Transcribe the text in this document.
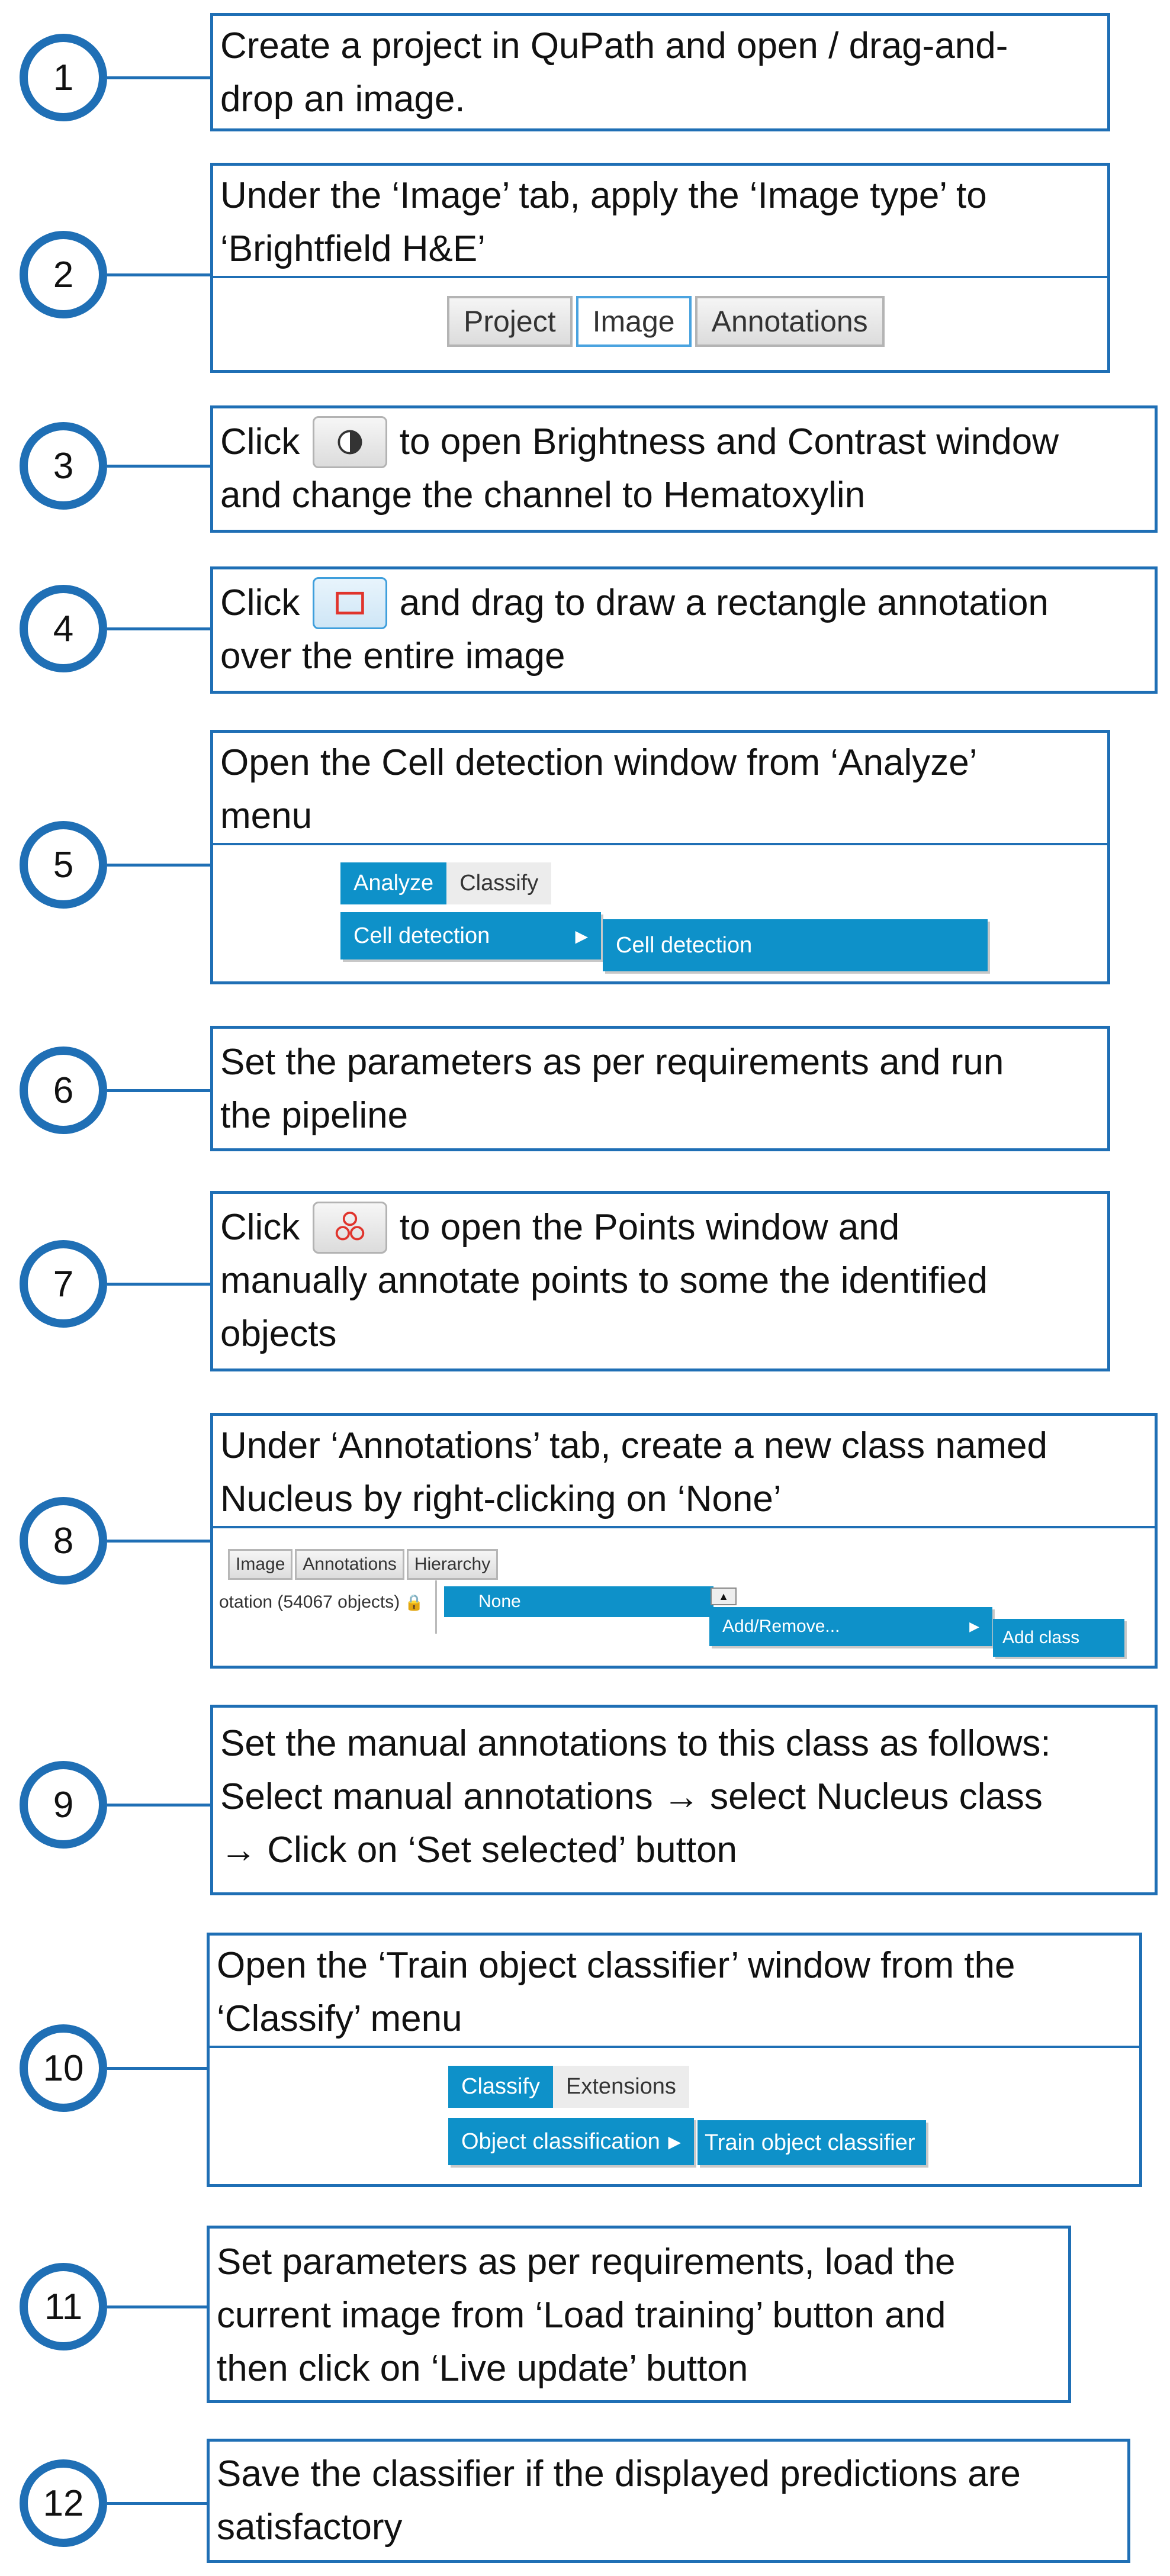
1
Create a project in QuPath and open / drag-and-
drop an image.
2
Under the ‘Image’ tab, apply the ‘Image type’ to
‘Brightfield H&E’
Project	Image	Annotations
3
Click	to open Brightness and Contrast window
and change the channel to Hematoxylin
4
Click	and drag to draw a rectangle annotation
over the entire image
5
Open the Cell detection window from ‘Analyze’
menu
Analyze	Classify
Cell detection	▶ Cell detection
6
Set the parameters as per requirements and run
the pipeline
7
Click	to open the Points window and
manually annotate points to some the identified
objects
8
Under ‘Annotations’ tab, create a new class named
Nucleus by right-clicking on ‘None’
Image	Annotations	Hierarchy
otation (54067 objects) 🔒	None	▲
Add/Remove...	▶
Add class
9
Set the manual annotations to this class as follows:
Select manual annotations → select Nucleus class
→ Click on ‘Set selected’ button
10
Open the ‘Train object classifier’ window from the
‘Classify’ menu
Classify	Extensions
Object classification ▶ Train object classifier
11
Set parameters as per requirements, load the
current image from ‘Load training’ button and
then click on ‘Live update’ button
12
Save the classifier if the displayed predictions are
satisfactory
